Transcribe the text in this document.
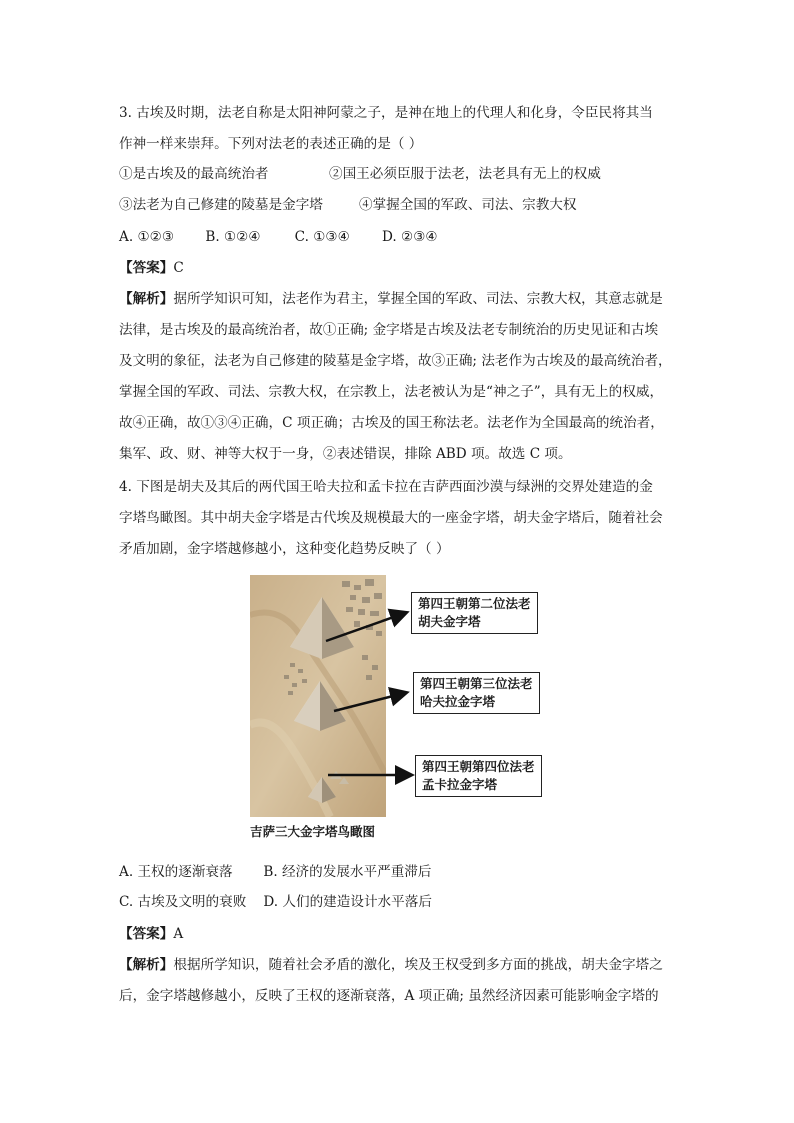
3. 古埃及时期，法老自称是太阳神阿蒙之子，是神在地上的代理人和化身，令臣民将其当
作神一样来崇拜。下列对法老的表述正确的是（ ）
①是古埃及的最高统治者	②国王必须臣服于法老，法老具有无上的权威
③法老为自己修建的陵墓是金字塔	④掌握全国的军政、司法、宗教大权
A. ①②③ B. ①②④	C. ①③④ D. ②③④
【答案】C
【解析】据所学知识可知，法老作为君主，掌握全国的军政、司法、宗教大权，其意志就是
法律，是古埃及的最高统治者，故①正确; 金字塔是古埃及法老专制统治的历史见证和古埃
及文明的象征，法老为自己修建的陵墓是金字塔，故③正确; 法老作为古埃及的最高统治者，
掌握全国的军政、司法、宗教大权，在宗教上，法老被认为是“神之子”，具有无上的权威，
故④正确，故①③④正确，C 项正确；古埃及的国王称法老。法老作为全国最高的统治者，
集军、政、财、神等大权于一身，②表述错误，排除 ABD 项。故选 C 项。
4. 下图是胡夫及其后的两代国王哈夫拉和孟卡拉在吉萨西面沙漠与绿洲的交界处建造的金
字塔鸟瞰图。其中胡夫金字塔是古代埃及规模最大的一座金字塔，胡夫金字塔后，随着社会
矛盾加剧，金字塔越修越小，这种变化趋势反映了（ ）
第四王朝第二位法老
胡夫金字塔
第四王朝第三位法老
哈夫拉金字塔
第四王朝第四位法老
孟卡拉金字塔
吉萨三大金字塔鸟瞰图
A. 王权的逐渐衰落 B. 经济的发展水平严重滞后
C. 古埃及文明的衰败 D. 人们的建造设计水平落后
【答案】A
【解析】根据所学知识，随着社会矛盾的激化，埃及王权受到多方面的挑战，胡夫金字塔之
后，金字塔越修越小，反映了王权的逐渐衰落，A 项正确; 虽然经济因素可能影响金字塔的
